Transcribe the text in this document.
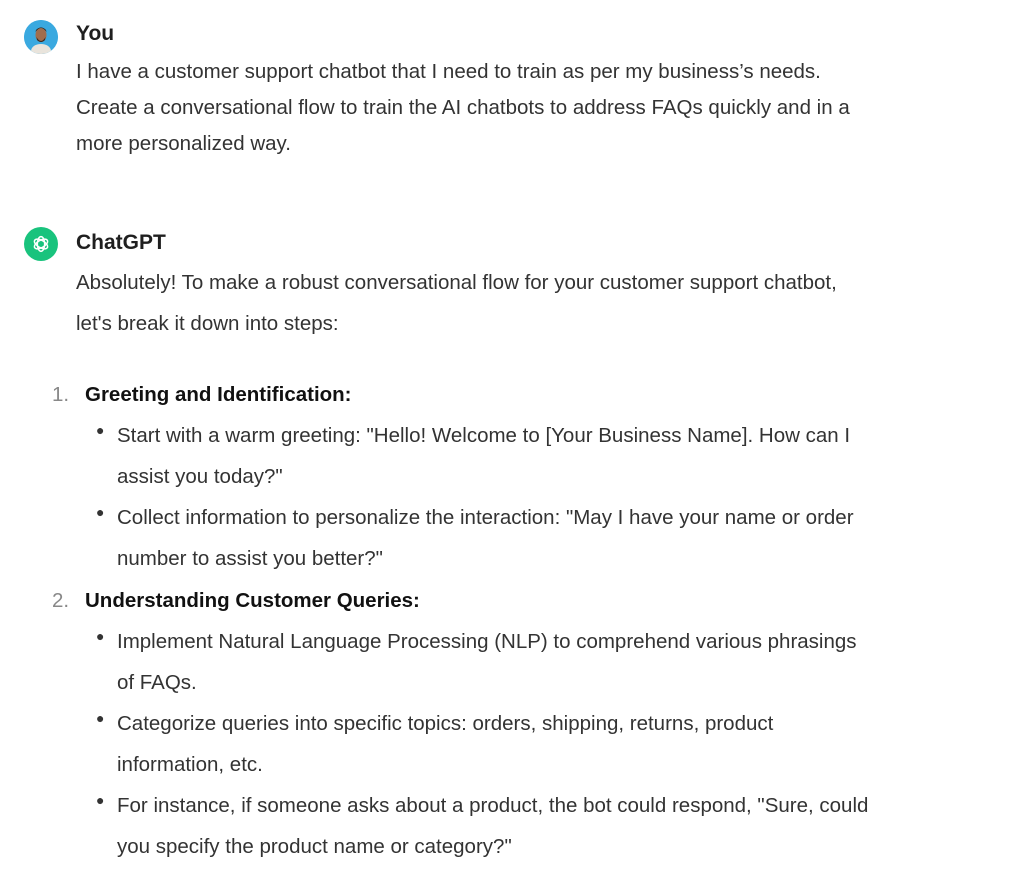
You
I have a customer support chatbot that I need to train as per my business’s needs.
Create a conversational flow to train the AI chatbots to address FAQs quickly and in a
more personalized way.
ChatGPT
Absolutely! To make a robust conversational flow for your customer support chatbot,
let's break it down into steps:
1. Greeting and Identification:
● Start with a warm greeting: "Hello! Welcome to [Your Business Name]. How can I
assist you today?"
● Collect information to personalize the interaction: "May I have your name or order
number to assist you better?"
2. Understanding Customer Queries:
● Implement Natural Language Processing (NLP) to comprehend various phrasings
of FAQs.
● Categorize queries into specific topics: orders, shipping, returns, product
information, etc.
● For instance, if someone asks about a product, the bot could respond, "Sure, could
you specify the product name or category?"
